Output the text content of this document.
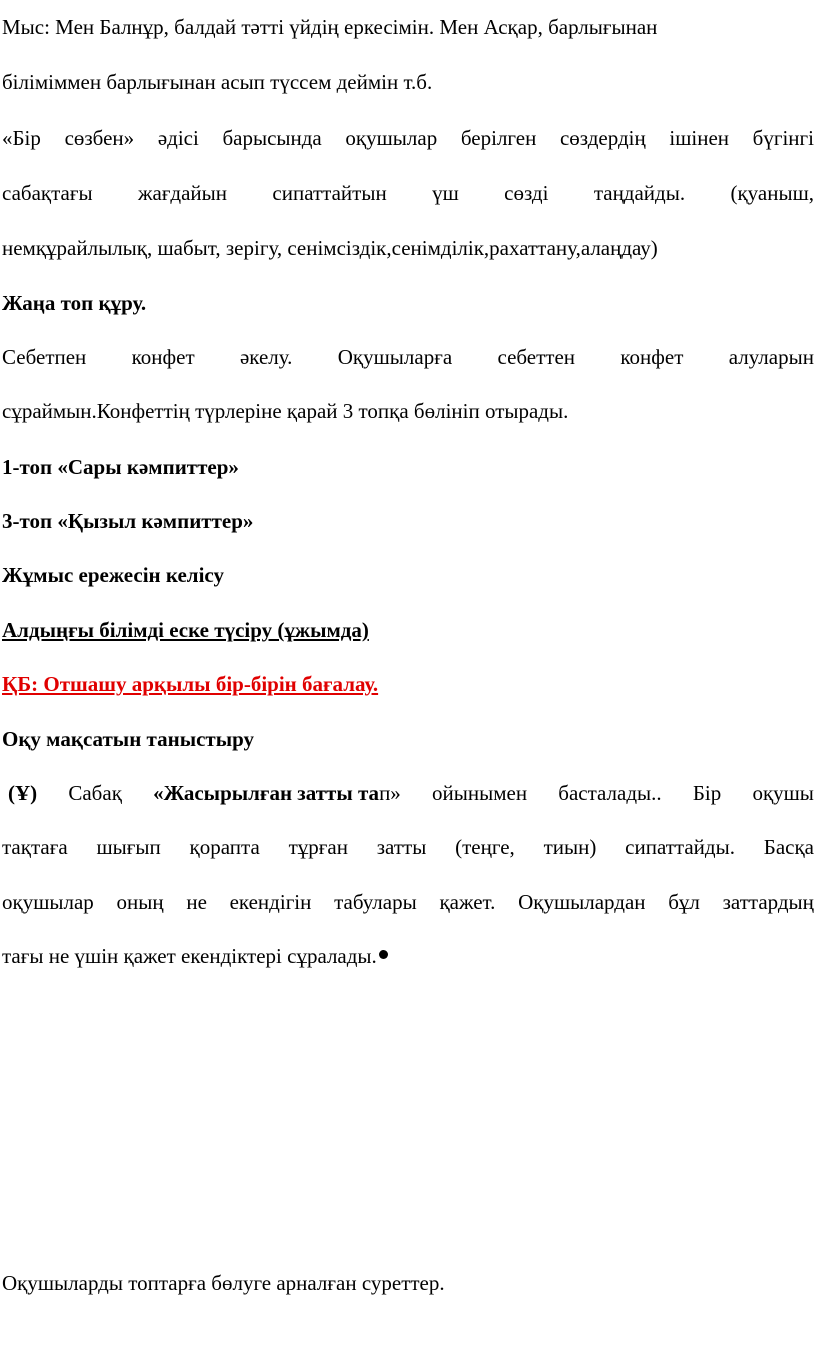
Мыс: Мен Балнұр, балдай тәтті үйдің еркесімін. Мен Асқар, барлығынан
біліміммен барлығынан асып түссем деймін т.б.
«Бір сөзбен» әдісі барысында оқушылар берілген сөздердің ішінен бүгінгі
сабақтағы жағдайын сипаттайтын үш сөзді таңдайды. (қуаныш,
немқұрайлылық, шабыт, зерігу, сенімсіздік,сенімділік,рахаттану,алаңдау)
Жаңа топ құру.
Себетпен конфет әкелу. Оқушыларға себеттен конфет алуларын
сұраймын.Конфеттің түрлеріне қарай 3 топқа бөлініп отырады.
1-топ «Сары кәмпиттер»
3-топ «Қызыл кәмпиттер»
Жұмыс ережесін келісу
Алдыңғы білімді еске түсіру (ұжымда)
ҚБ: Отшашу арқылы бір-бірін бағалау.
Оқу мақсатын таныстыру
(Ұ) Сабақ «Жасырылған затты тап» ойынымен басталады.. Бір оқушы
тақтаға шығып қорапта тұрған затты (теңге, тиын) сипаттайды. Басқа
оқушылар оның не екендігін табулары қажет. Оқушылардан бұл заттардың
тағы не үшін қажет екендіктері сұралады.
Оқушыларды топтарға бөлуге арналған суреттер.
